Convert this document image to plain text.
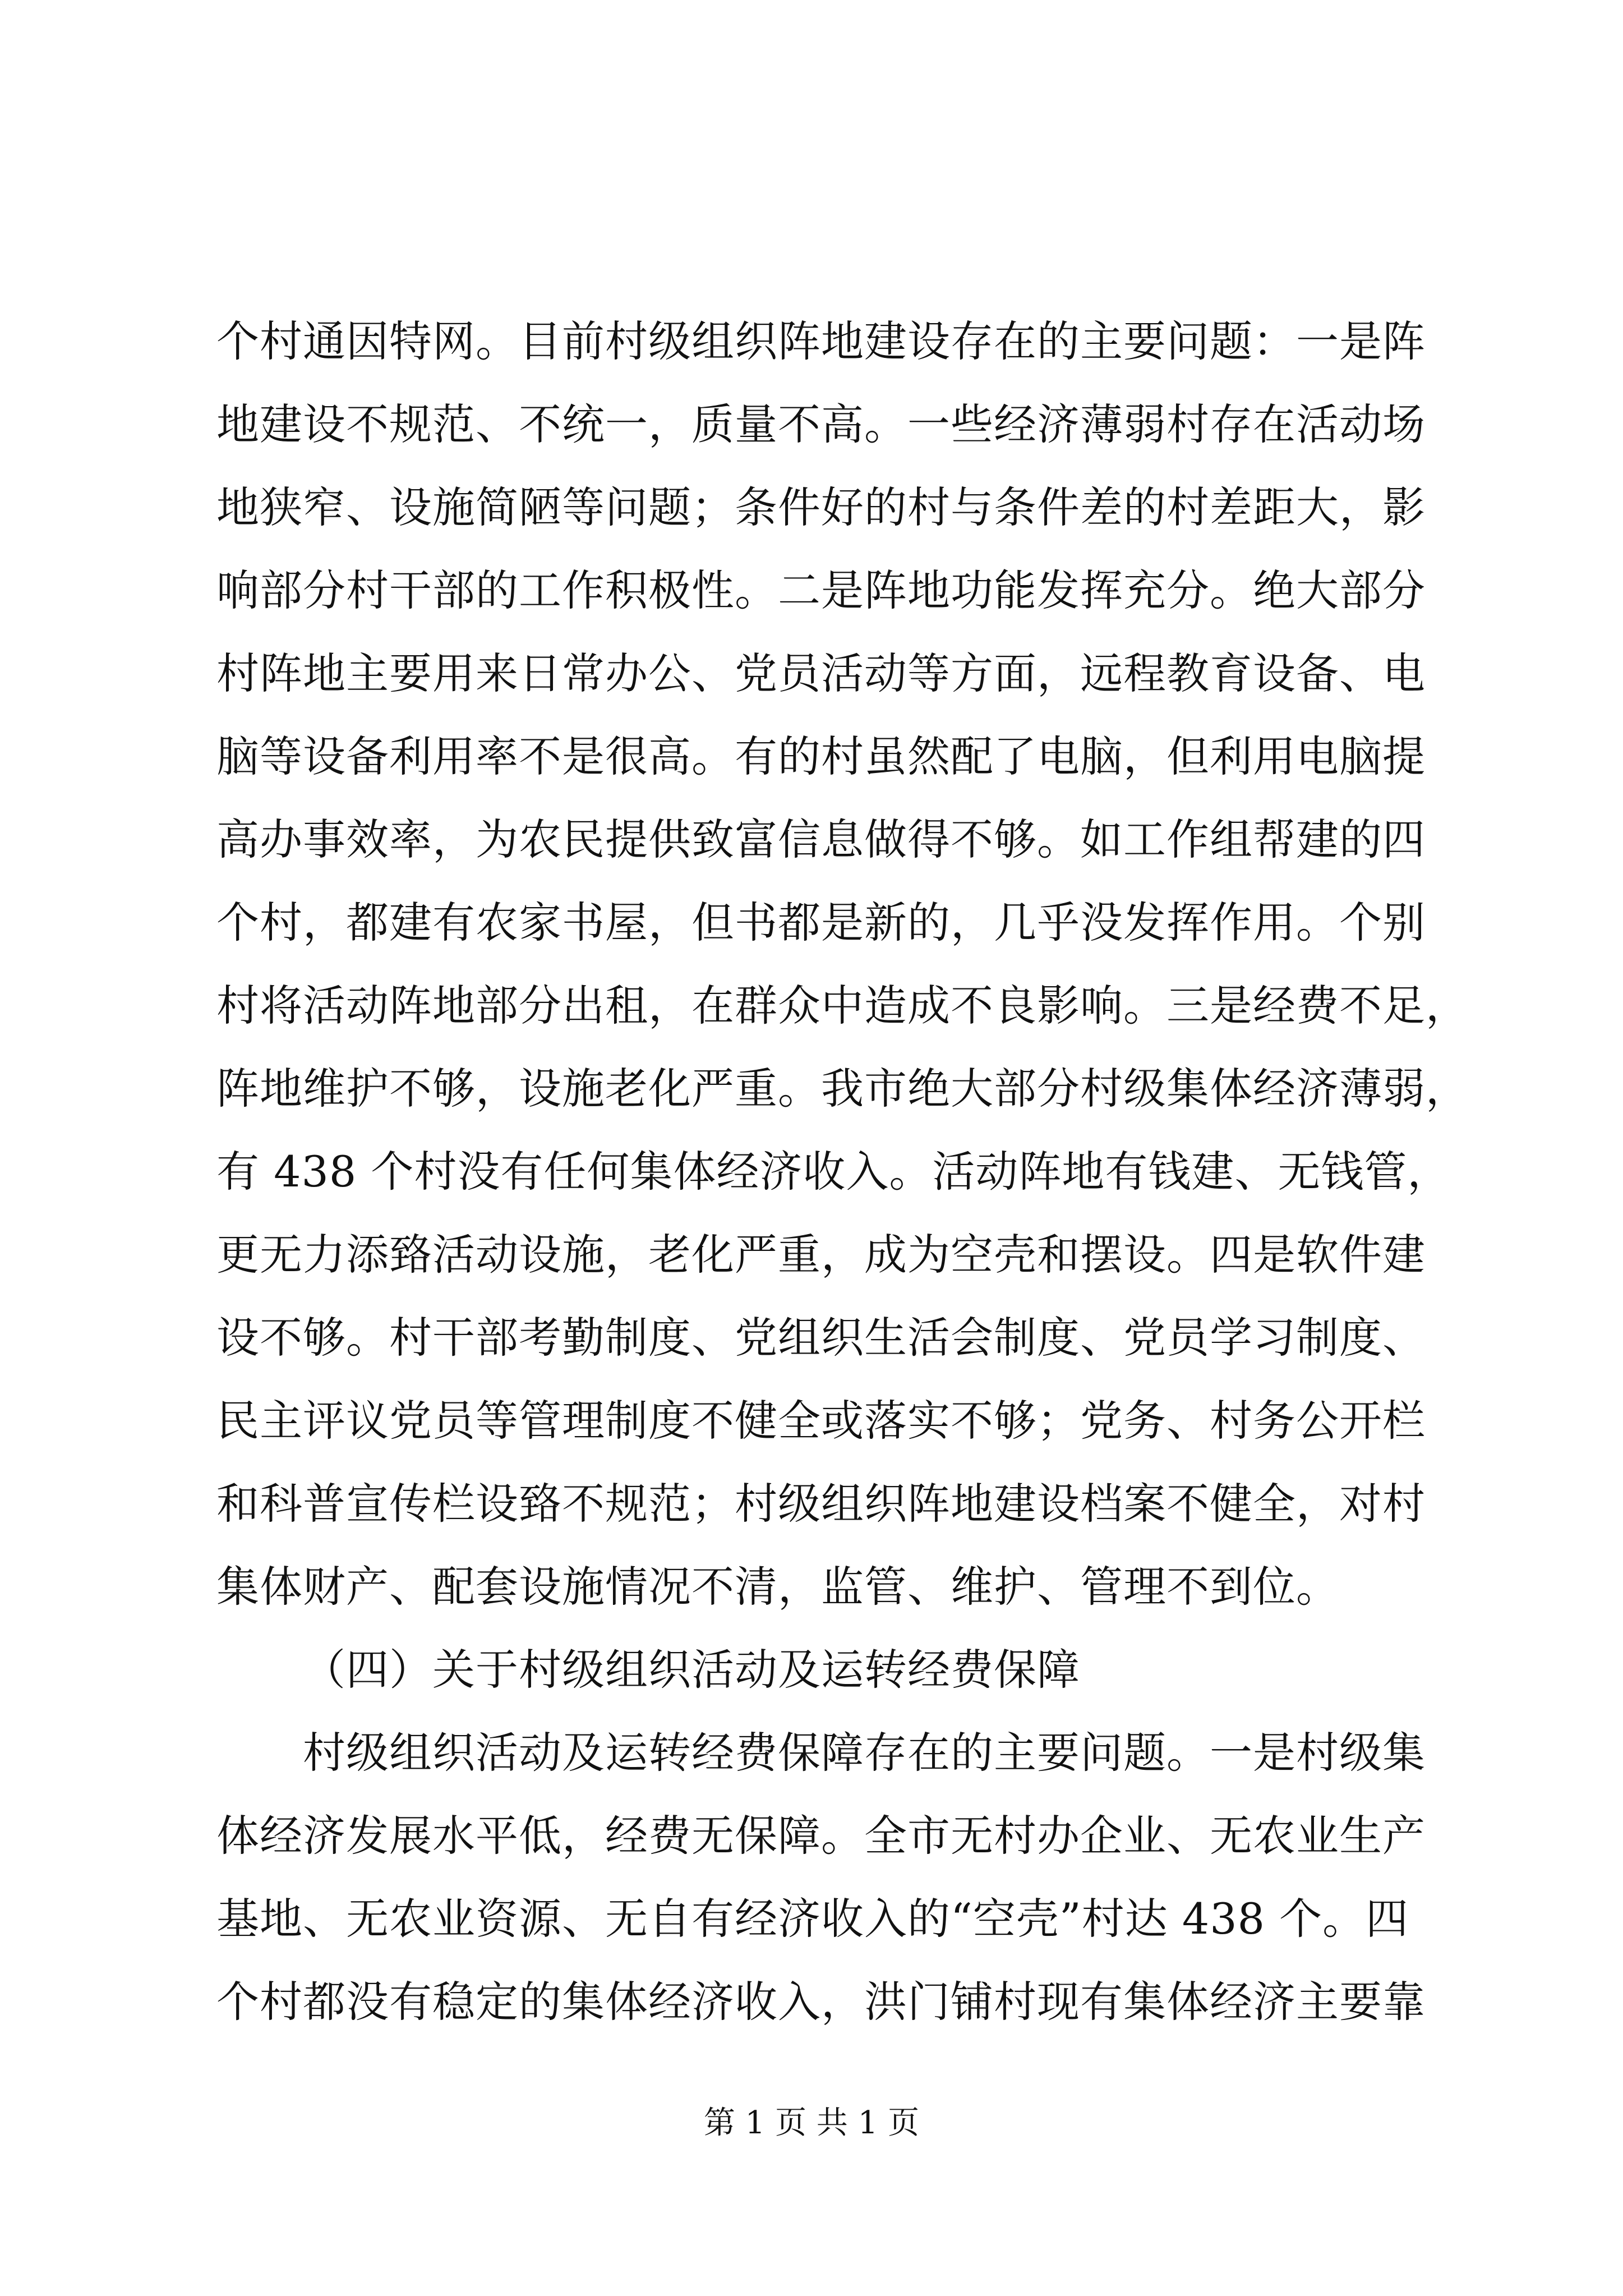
个村通因特网。目前村级组织阵地建设存在的主要问题：一是阵
地建设不规范、不统一，质量不高。一些经济薄弱村存在活动场
地狭窄、设施简陋等问题；条件好的村与条件差的村差距大，影
响部分村干部的工作积极性。二是阵地功能发挥充分。绝大部分
村阵地主要用来日常办公、党员活动等方面，远程教育设备、电
脑等设备利用率不是很高。有的村虽然配了电脑，但利用电脑提
高办事效率，为农民提供致富信息做得不够。如工作组帮建的四
个村，都建有农家书屋，但书都是新的，几乎没发挥作用。个别
村将活动阵地部分出租，在群众中造成不良影响。三是经费不足，
阵地维护不够，设施老化严重。我市绝大部分村级集体经济薄弱，
有 438 个村没有任何集体经济收入。活动阵地有钱建、无钱管，
更无力添臵活动设施，老化严重，成为空壳和摆设。四是软件建
设不够。村干部考勤制度、党组织生活会制度、党员学习制度、
民主评议党员等管理制度不健全或落实不够；党务、村务公开栏
和科普宣传栏设臵不规范；村级组织阵地建设档案不健全，对村
集体财产、配套设施情况不清，监管、维护、管理不到位。
（四）关于村级组织活动及运转经费保障
村级组织活动及运转经费保障存在的主要问题。一是村级集
体经济发展水平低，经费无保障。全市无村办企业、无农业生产
基地、无农业资源、无自有经济收入的“空壳”村达 438 个。四
个村都没有稳定的集体经济收入，洪门铺村现有集体经济主要靠
第 1 页 共 1 页
